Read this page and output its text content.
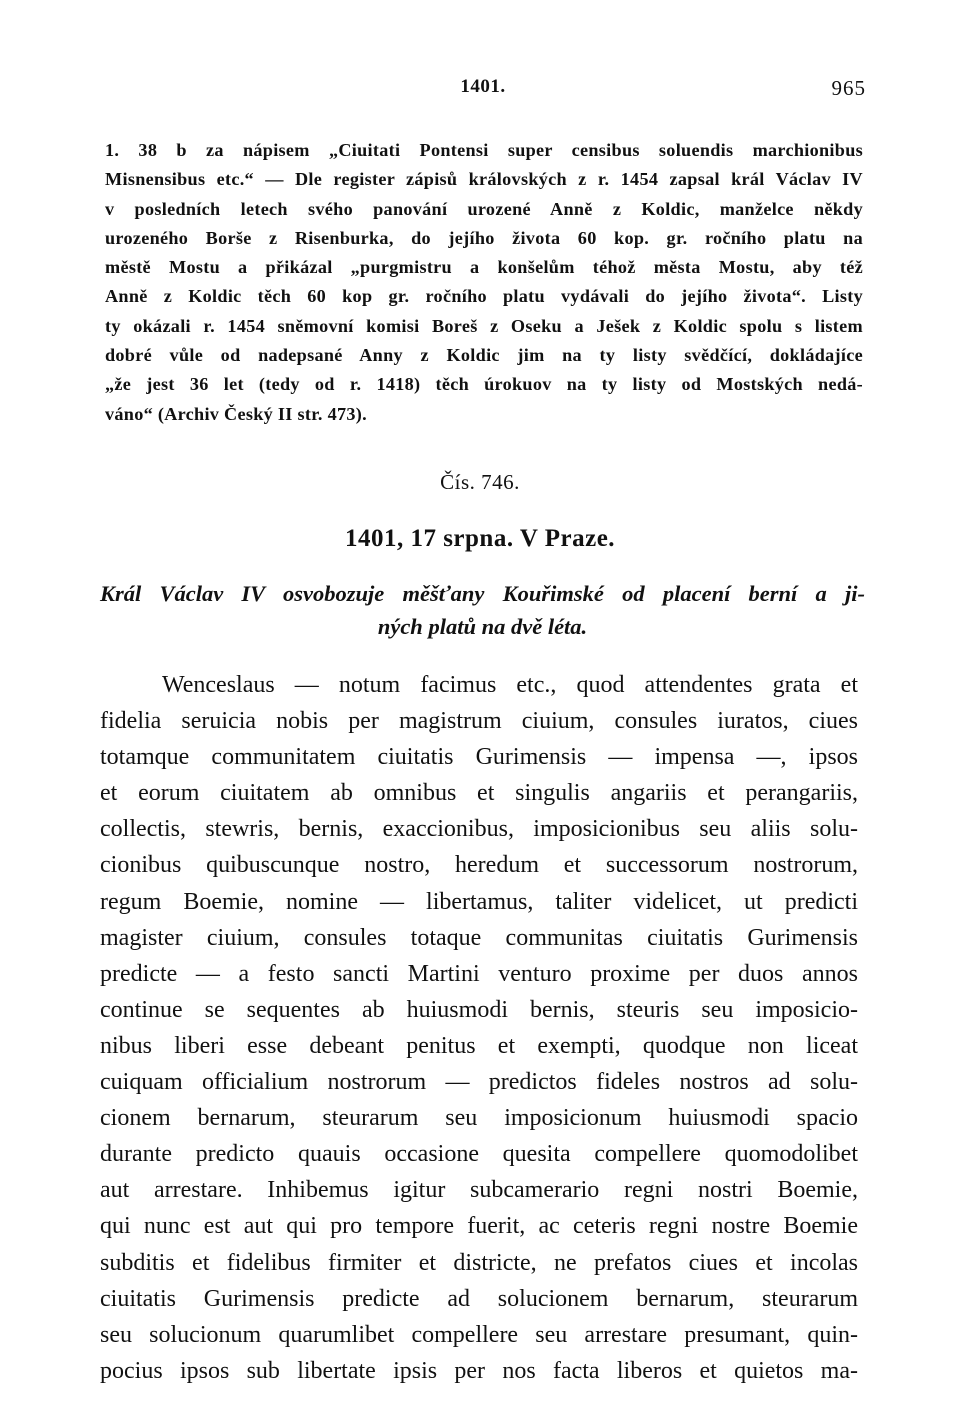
1401.	965
1. 38 b za nápisem „Ciuitati Pontensi super censibus soluendis marchionibus
Misnensibus etc.“ — Dle register zápisů královských z r. 1454 zapsal král Václav IV
v posledních letech svého panování urozené Anně z Koldic, manželce někdy
urozeného Borše z Risenburka, do jejího života 60 kop. gr. ročního platu na
městě Mostu a přikázal „purgmistru a konšelům téhož města Mostu, aby též
Anně z Koldic těch 60 kop gr. ročního platu vydávali do jejího života“. Listy
ty okázali r. 1454 sněmovní komisi Boreš z Oseku a Ješek z Koldic spolu s listem
dobré vůle od nadepsané Anny z Koldic jim na ty listy svědčící, dokládajíce
„že jest 36 let (tedy od r. 1418) těch úrokuov na ty listy od Mostských nedá-
váno“ (Archiv Český II str. 473).
Čís. 746.
1401, 17 srpna. V Praze.
Král Václav IV osvobozuje měšťany Kouřimské od placení berní a ji-
ných platů na dvě léta.
Wenceslaus — notum facimus etc., quod attendentes grata et
fidelia seruicia nobis per magistrum ciuium, consules iuratos, ciues
totamque communitatem ciuitatis Gurimensis — impensa —, ipsos
et eorum ciuitatem ab omnibus et singulis angariis et perangariis,
collectis, stewris, bernis, exaccionibus, imposicionibus seu aliis solu-
cionibus quibuscunque nostro, heredum et successorum nostrorum,
regum Boemie, nomine — libertamus, taliter videlicet, ut predicti
magister ciuium, consules totaque communitas ciuitatis Gurimensis
predicte — a festo sancti Martini venturo proxime per duos annos
continue se sequentes ab huiusmodi bernis, steuris seu imposicio-
nibus liberi esse debeant penitus et exempti, quodque non liceat
cuiquam officialium nostrorum — predictos fideles nostros ad solu-
cionem bernarum, steurarum seu imposicionum huiusmodi spacio
durante predicto quauis occasione quesita compellere quomodolibet
aut arrestare. Inhibemus igitur subcamerario regni nostri Boemie,
qui nunc est aut qui pro tempore fuerit, ac ceteris regni nostre Boemie
subditis et fidelibus firmiter et districte, ne prefatos ciues et incolas
ciuitatis Gurimensis predicte ad solucionem bernarum, steurarum
seu solucionum quarumlibet compellere seu arrestare presumant, quin-
pocius ipsos sub libertate ipsis per nos facta liberos et quietos ma-
